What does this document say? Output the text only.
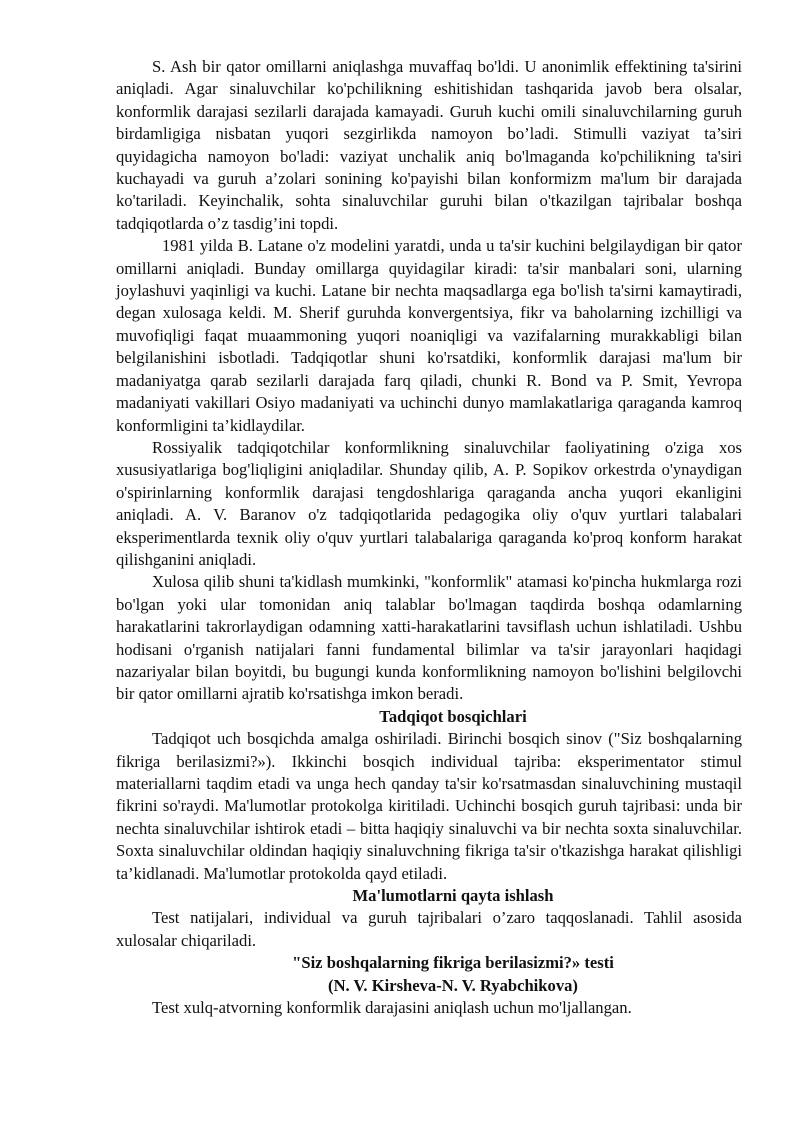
S. Ash bir qator omillarni aniqlashga muvaffaq bo'ldi. U anonimlik effektining ta'sirini aniqladi. Agar sinaluvchilar ko'pchilikning eshitishidan tashqarida javob bera olsalar, konformlik darajasi sezilarli darajada kamayadi. Guruh kuchi omili sinaluvchilarning guruh birdamligiga nisbatan yuqori sezgirlikda namoyon bo’ladi. Stimulli vaziyat ta’siri quyidagicha namoyon bo'ladi: vaziyat unchalik aniq bo'lmaganda ko'pchilikning ta'siri kuchayadi va guruh a’zolari sonining ko'payishi bilan konformizm ma'lum bir darajada ko'tariladi. Keyinchalik, sohta sinaluvchilar guruhi bilan o'tkazilgan tajribalar boshqa tadqiqotlarda o’z tasdig’ini topdi.

1981 yilda B. Latane o'z modelini yaratdi, unda u ta'sir kuchini belgilaydigan bir qator omillarni aniqladi. Bunday omillarga quyidagilar kiradi: ta'sir manbalari soni, ularning joylashuvi yaqinligi va kuchi. Latane bir nechta maqsadlarga ega bo'lish ta'sirni kamaytiradi, degan xulosaga keldi. M. Sherif guruhda konvergentsiya, fikr va baholarning izchilligi va muvofiqligi faqat muaammoning yuqori noaniqligi va vazifalarning murakkabligi bilan belgilanishini isbotladi. Tadqiqotlar shuni ko'rsatdiki, konformlik darajasi ma'lum bir madaniyatga qarab sezilarli darajada farq qiladi, chunki R. Bond va P. Smit, Yevropa madaniyati vakillari Osiyo madaniyati va uchinchi dunyo mamlakatlariga qaraganda kamroq konformligini ta’kidlaydilar.

Rossiyalik tadqiqotchilar konformlikning sinaluvchilar faoliyatining o'ziga xos xususiyatlariga bog'liqligini aniqladilar. Shunday qilib, A. P. Sopikov orkestrda o'ynaydigan o'spirinlarning konformlik darajasi tengdoshlariga qaraganda ancha yuqori ekanligini aniqladi. A. V. Baranov o'z tadqiqotlarida pedagogika oliy o'quv yurtlari talabalari eksperimentlarda texnik oliy o'quv yurtlari talabalariga qaraganda ko'proq konform harakat qilishganini aniqladi.

Xulosa qilib shuni ta'kidlash mumkinki, "konformlik" atamasi ko'pincha hukmlarga rozi bo'lgan yoki ular tomonidan aniq talablar bo'lmagan taqdirda boshqa odamlarning harakatlarini takrorlaydigan odamning xatti-harakatlarini tavsiflash uchun ishlatiladi. Ushbu hodisani o'rganish natijalari fanni fundamental bilimlar va ta'sir jarayonlari haqidagi nazariyalar bilan boyitdi, bu bugungi kunda konformlikning namoyon bo'lishini belgilovchi bir qator omillarni ajratib ko'rsatishga imkon beradi.

Tadqiqot bosqichlari

Tadqiqot uch bosqichda amalga oshiriladi. Birinchi bosqich sinov ("Siz boshqalarning fikriga berilasizmi?»). Ikkinchi bosqich individual tajriba: eksperimentator stimul materiallarni taqdim etadi va unga hech qanday ta'sir ko'rsatmasdan sinaluvchining mustaqil fikrini so'raydi. Ma'lumotlar protokolga kiritiladi. Uchinchi bosqich guruh tajribasi: unda bir nechta sinaluvchilar ishtirok etadi – bitta haqiqiy sinaluvchi va bir nechta soxta sinaluvchilar. Soxta sinaluvchilar oldindan haqiqiy sinaluvchning fikriga ta'sir o'tkazishga harakat qilishligi ta’kidlanadi. Ma'lumotlar protokolda qayd etiladi.

Ma'lumotlarni qayta ishlash

Test natijalari, individual va guruh tajribalari o’zaro taqqoslanadi. Tahlil asosida xulosalar chiqariladi.

"Siz boshqalarning fikriga berilasizmi?» testi

(N. V. Kirsheva-N. V. Ryabchikova)

Test xulq-atvorning konformlik darajasini aniqlash uchun mo'ljallangan.
